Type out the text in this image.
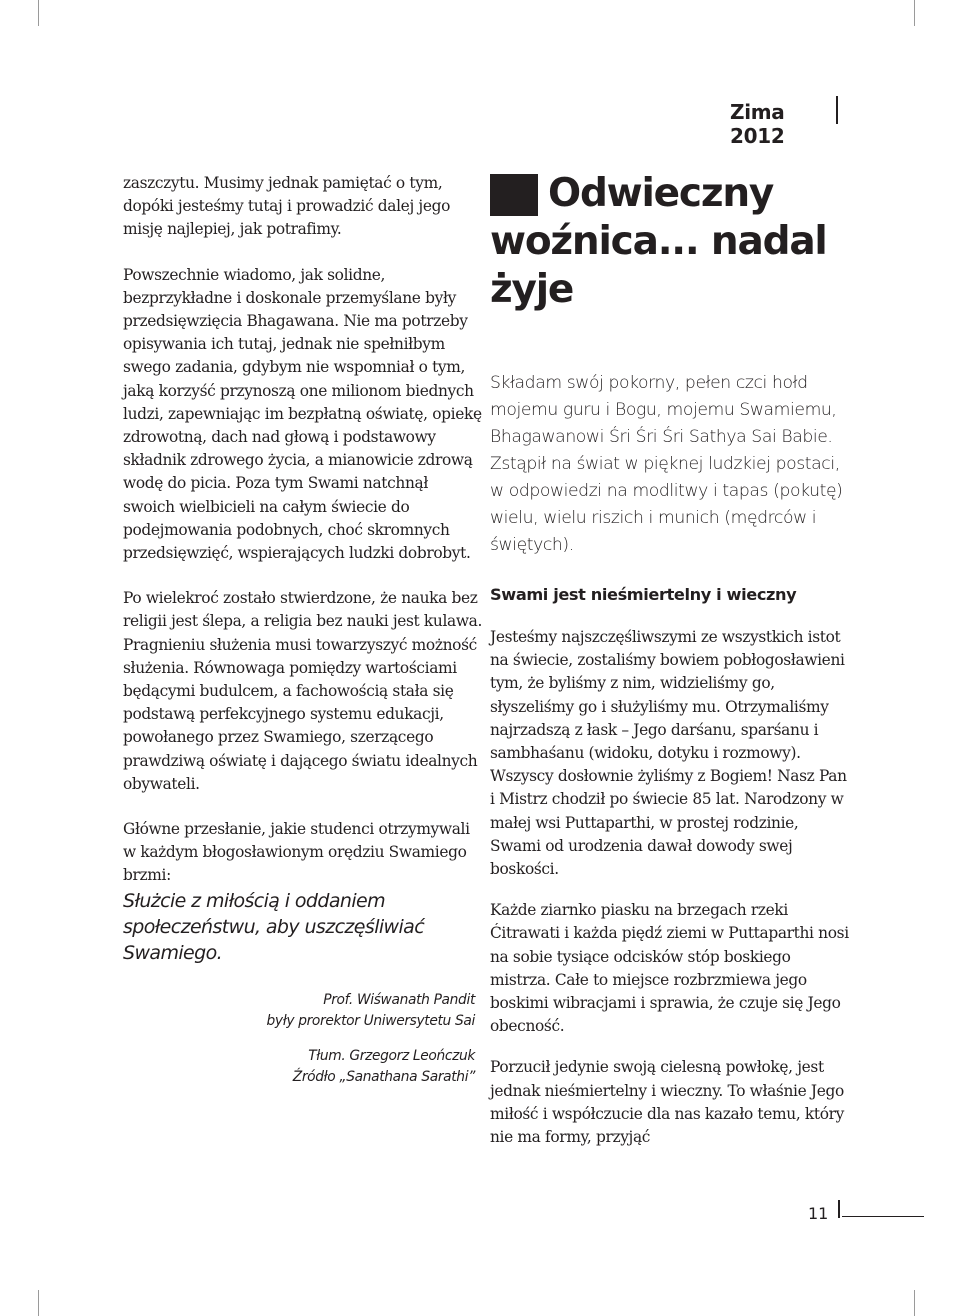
Zima 2012

zaszczytu. Musimy jednak pamiętać o tym, dopóki jesteśmy tutaj i prowadzić dalej jego misję najlepiej, jak potrafimy.

Powszechnie wiadomo, jak solidne, bezprzykładne i doskonale przemyślane były przedsięwzięcia Bhagawana. Nie ma potrzeby opisywania ich tutaj, jednak nie spełniłbym swego zadania, gdybym nie wspomniał o tym, jaką korzyść przynoszą one milionom biednych ludzi, zapewniając im bezpłatną oświatę, opiekę zdrowotną, dach nad głową i podstawowy składnik zdrowego życia, a mianowicie zdrową wodę do picia. Poza tym Swami natchnął swoich wielbicieli na całym świecie do podejmowania podobnych, choć skromnych przedsięwzięć, wspierających ludzki dobrobyt.

Po wielekroć zostało stwierdzone, że nauka bez religii jest ślepa, a religia bez nauki jest kulawa. Pragnieniu służenia musi towarzyszyć możność służenia. Równowaga pomiędzy wartościami będącymi budulcem, a fachowością stała się podstawą perfekcyjnego systemu edukacji, powołanego przez Swamiego, szerzącego prawdziwą oświatę i dającego światu idealnych obywateli.

Główne przesłanie, jakie studenci otrzymywali w każdym błogosławionym orędziu Swamiego brzmi:

Służcie z miłością i oddaniem społeczeństwu, aby uszczęśliwiać Swamiego.

Prof. Wiśwanath Pandit
były prorektor Uniwersytetu Sai
Tłum. Grzegorz Leończuk
Źródło „Sanathana Sarathi”
Odwieczny
woźnica... nadal
żyje

Składam swój pokorny, pełen czci hołd mojemu guru i Bogu, mojemu Swamiemu, Bhagawanowi Śri Śri Śri Sathya Sai Babie. Zstąpił na świat w pięknej ludzkiej postaci, w odpowiedzi na modlitwy i tapas (pokutę) wielu, wielu riszich i munich (mędrców i świętych).

Swami jest nieśmiertelny i wieczny

Jesteśmy najszczęśliwszymi ze wszystkich istot na świecie, zostaliśmy bowiem pobłogosławieni tym, że byliśmy z nim, widzieliśmy go, słyszeliśmy go i służyliśmy mu. Otrzymaliśmy najrzadszą z łask – Jego darśanu, sparśanu i sambhaśanu (widoku, dotyku i rozmowy). Wszyscy dosłownie żyliśmy z Bogiem! Nasz Pan i Mistrz chodził po świecie 85 lat. Narodzony w małej wsi Puttaparthi, w prostej rodzinie, Swami od urodzenia dawał dowody swej boskości.

Każde ziarnko piasku na brzegach rzeki Ćitrawati i każda piędź ziemi w Puttaparthi nosi na sobie tysiące odcisków stóp boskiego mistrza. Całe to miejsce rozbrzmiewa jego boskimi wibracjami i sprawia, że czuje się Jego obecność.

Porzucił jedynie swoją cielesną powłokę, jest jednak nieśmiertelny i wieczny. To właśnie Jego miłość i współczucie dla nas kazało temu, który nie ma formy, przyjąć

11
